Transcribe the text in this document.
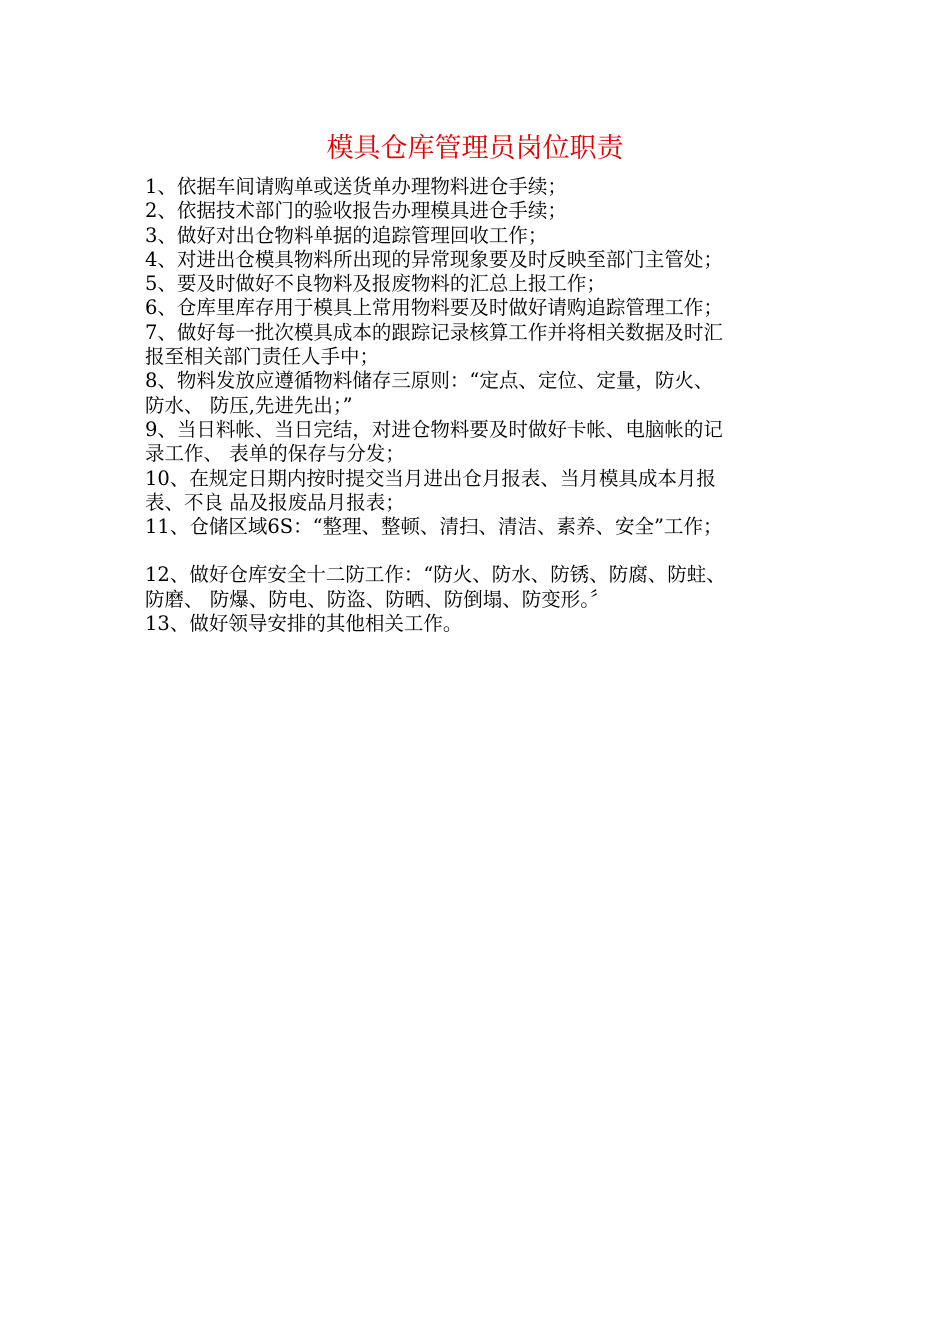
模具仓库管理员岗位职责
1、依据车间请购单或送货单办理物料进仓手续；
2、依据技术部门的验收报告办理模具进仓手续；
3、做好对出仓物料单据的追踪管理回收工作；
4、对进出仓模具物料所出现的异常现象要及时反映至部门主管处；
5、要及时做好不良物料及报废物料的汇总上报工作；
6、仓库里库存用于模具上常用物料要及时做好请购追踪管理工作；
7、做好每一批次模具成本的跟踪记录核算工作并将相关数据及时汇
报至相关部门责任人手中；
8、物料发放应遵循物料储存三原则：“定点、定位、定量，防火、
防水、 防压,先进先出；”
9、当日料帐、当日完结，对进仓物料要及时做好卡帐、电脑帐的记
录工作、 表单的保存与分发；
10、在规定日期内按时提交当月进出仓月报表、当月模具成本月报
表、不良 品及报废品月报表；
11、仓储区域6S：“整理、整顿、清扫、清洁、素养、安全”工作；
12、做好仓库安全十二防工作：“防火、防水、防锈、防腐、防蛀、
防磨、 防爆、防电、防盗、防晒、防倒塌、防变形。〞
13、做好领导安排的其他相关工作。
